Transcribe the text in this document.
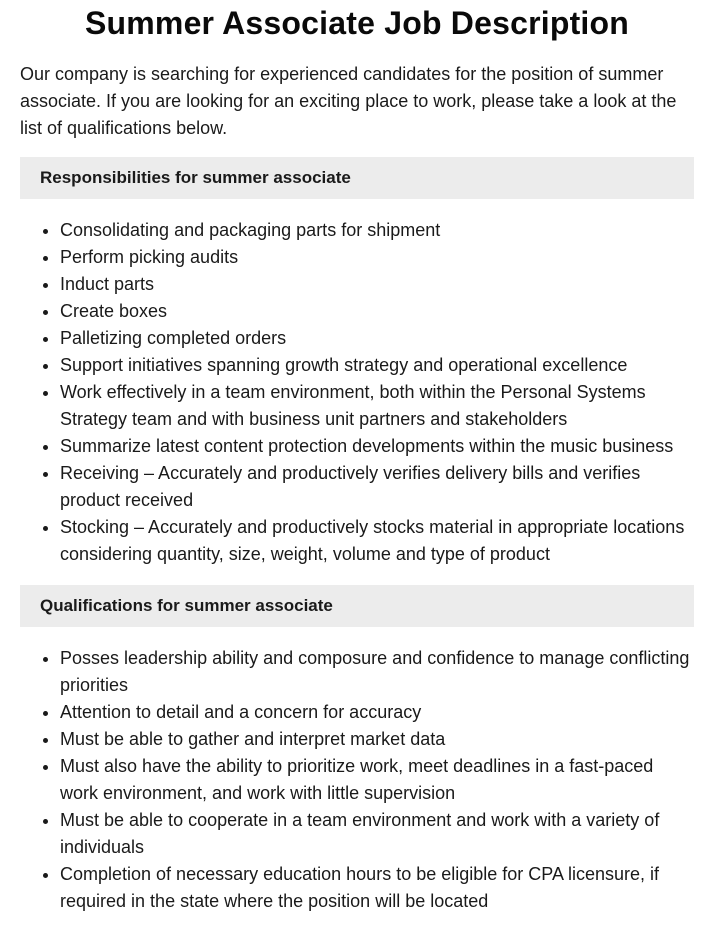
Summer Associate Job Description

Our company is searching for experienced candidates for the position of summer associate. If you are looking for an exciting place to work, please take a look at the list of qualifications below.

Responsibilities for summer associate
• Consolidating and packaging parts for shipment
• Perform picking audits
• Induct parts
• Create boxes
• Palletizing completed orders
• Support initiatives spanning growth strategy and operational excellence
• Work effectively in a team environment, both within the Personal Systems Strategy team and with business unit partners and stakeholders
• Summarize latest content protection developments within the music business
• Receiving – Accurately and productively verifies delivery bills and verifies product received
• Stocking – Accurately and productively stocks material in appropriate locations considering quantity, size, weight, volume and type of product
Qualifications for summer associate
• Posses leadership ability and composure and confidence to manage conflicting priorities
• Attention to detail and a concern for accuracy
• Must be able to gather and interpret market data
• Must also have the ability to prioritize work, meet deadlines in a fast-paced work environment, and work with little supervision
• Must be able to cooperate in a team environment and work with a variety of individuals
• Completion of necessary education hours to be eligible for CPA licensure, if required in the state where the position will be located
